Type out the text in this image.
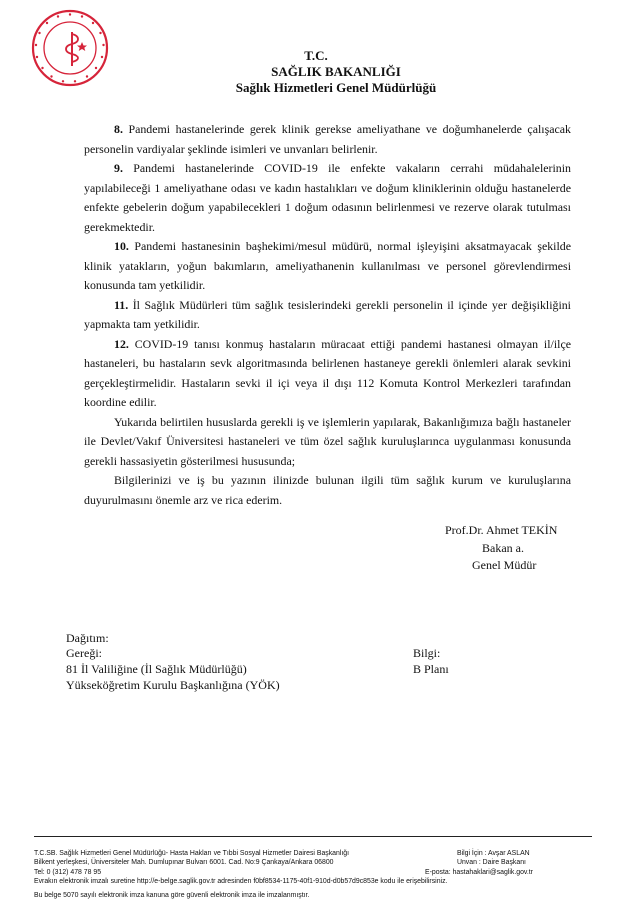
T.C.
SAĞLIK BAKANLIĞI
Sağlık Hizmetleri Genel Müdürlüğü

8. Pandemi hastanelerinde gerek klinik gerekse ameliyathane ve doğumhanelerde çalışacak personelin vardiyalar şeklinde isimleri ve unvanları belirlenir.

9. Pandemi hastanelerinde COVID-19 ile enfekte vakaların cerrahi müdahalelerinin yapılabileceği 1 ameliyathane odası ve kadın hastalıkları ve doğum kliniklerinin olduğu hastanelerde enfekte gebelerin doğum yapabilecekleri 1 doğum odasının belirlenmesi ve rezerve olarak tutulması gerekmektedir.

10. Pandemi hastanesinin başhekimi/mesul müdürü, normal işleyişini aksatmayacak şekilde klinik yatakların, yoğun bakımların, ameliyathanenin kullanılması ve personel görevlendirmesi konusunda tam yetkilidir.

11. İl Sağlık Müdürleri tüm sağlık tesislerindeki gerekli personelin il içinde yer değişikliğini yapmakta tam yetkilidir.

12. COVID-19 tanısı konmuş hastaların müracaat ettiği pandemi hastanesi olmayan il/ilçe hastaneleri, bu hastaların sevk algoritmasında belirlenen hastaneye gerekli önlemleri alarak sevkini gerçekleştirmelidir. Hastaların sevki il içi veya il dışı 112 Komuta Kontrol Merkezleri tarafından koordine edilir.

Yukarıda belirtilen hususlarda gerekli iş ve işlemlerin yapılarak, Bakanlığımıza bağlı hastaneler ile Devlet/Vakıf Üniversitesi hastaneleri ve tüm özel sağlık kuruluşlarınca uygulanması konusunda gerekli hassasiyetin gösterilmesi hususunda;

Bilgilerinizi ve iş bu yazının ilinizde bulunan ilgili tüm sağlık kurum ve kuruluşlarına duyurulmasını önemle arz ve rica ederim.

Prof.Dr. Ahmet TEKİN
Bakan a.
Genel Müdür
Dağıtım:
Gereği:
81 İl Valiliğine (İl Sağlık Müdürlüğü)
Yükseköğretim Kurulu Başkanlığına (YÖK)
Bilgi:
B Planı
T.C.SB. Sağlık Hizmetleri Genel Müdürlüğü- Hasta Hakları ve Tıbbi Sosyal Hizmetler Dairesi Başkanlığı
Bilkent yerleşkesi, Üniversiteler Mah. Dumlupınar Bulvarı 6001. Cad. No:9 Çankaya/Ankara 06800
Tel: 0 (312) 478 78 95
Bilgi İçin : Avşar ASLAN
Unvan : Daire Başkanı
E-posta: hastahaklari@saglik.gov.tr
Evrakın elektronik imzalı suretine http://e-belge.saglik.gov.tr adresinden f0bf8534-1175-40f1-910d-d0b57d9c853e kodu ile erişebilirsiniz.
Bu belge 5070 sayılı elektronik imza kanuna göre güvenli elektronik imza ile imzalanmıştır.
